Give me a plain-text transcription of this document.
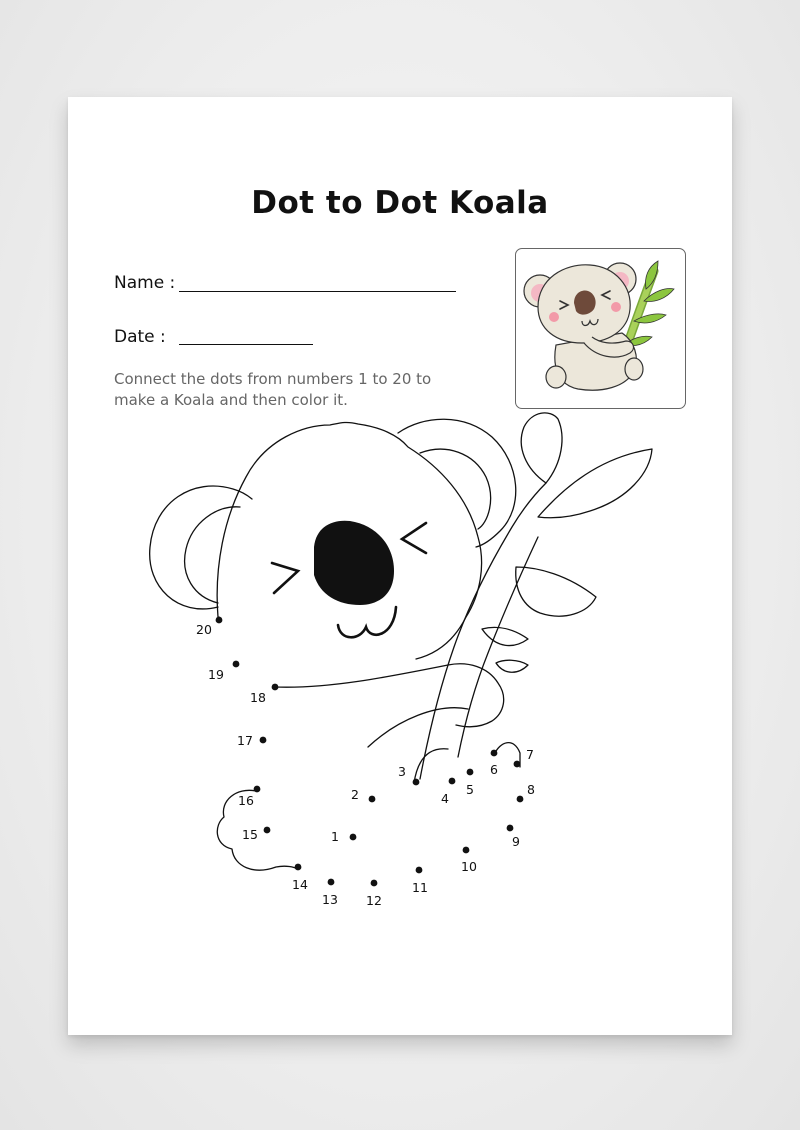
Dot to Dot Koala
Name :
Date :
Connect the dots from numbers 1 to 20 to make a Koala and then color it.
1
2
3
4
5
6
7
8
9
10
11
12
13
14
15
16
17
18
19
20
